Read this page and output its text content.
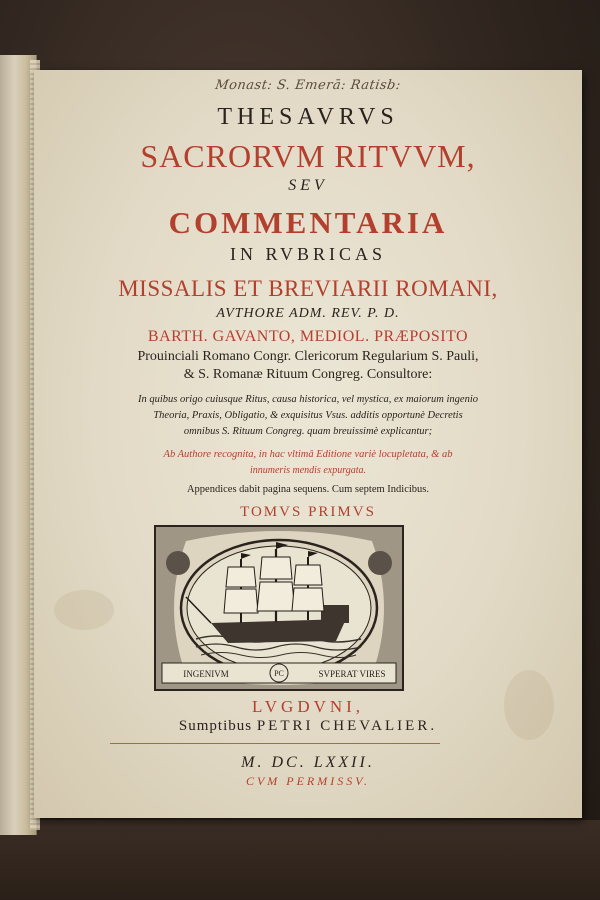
Monast: S. Emerā: Ratisb:
THESAVRVS
SACRORVM RITVVM,
SEV
COMMENTARIA
IN RVBRICAS
MISSALIS ET BREVIARII ROMANI,
AVTHORE ADM. REV. P. D.
BARTH. GAVANTO, MEDIOL. PRÆPOSITO
Prouinciali Romano Congr. Clericorum Regularium S. Pauli,
& S. Romanæ Rituum Congreg. Consultore:
In quibus origo cuiusque Ritus, causa historica, vel mystica, ex maiorum ingenio
Theoria, Praxis, Obligatio, & exquisitus Vsus. additis opportunè Decretis
omnibus S. Rituum Congreg. quam breuissimè explicantur;
Ab Authore recognita, in hac vltimâ Editione variè locupletata, & ab
innumeris mendis expurgata.
Appendices dabit pagina sequens. Cum septem Indicibus.
TOMVS PRIMVS
INGENIVM	PC	SVPERAT VIRES
LVGDVNI,
Sumptibus PETRI CHEVALIER.
M. DC. LXXII.
CVM PERMISSV.
